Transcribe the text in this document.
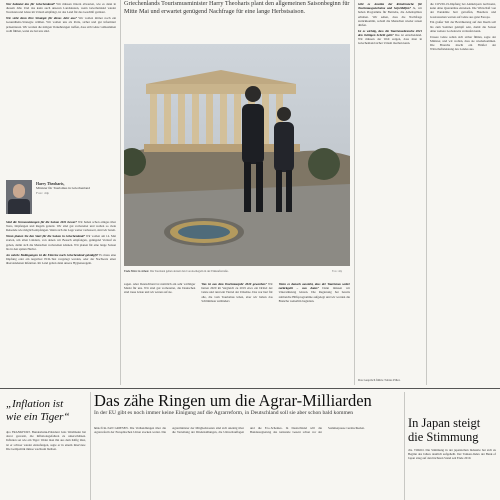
Griechenlands Tourismusminister Harry Theoharis plant den allgemeinen Saisonbeginn für Mitte Mai und erwartet genügend Nachfrage für eine lange Herbstsaison.
Ende März in Athen: Die Touristen gehen derzeit den Corona-Regeln in der Einkaufsstraße.	Foto: ddp

War bedeutet das für Griechenland? Wir müssen Ostern abwarten, wie es dann in diesem Jahr. Und das kann auch unseren Landsleuten, wenn Griechenland wieder Touristen und Gäste im Urlaub empfängt, ist das Land für das Geschäft gerüstet.

Wie sieht denn Ihre Strategie für dieses Jahr aus? Wir wollen immer noch ein Gesundheits-Strategie wählen. Wir wollen uns als Perle, sicher und gut informiert präsentieren. Wir werden die nötigen Vorkehrungen treffen, dass sich Gäste vollkommen wohl fühlen, wenn sie bei uns sind.

Harry Theoharis,
Minister für Tourismus in Griechenland
Foto: ddp

Sind die Voraussetzungen für die Saison 2021 besser? Wir haben schon einiges über Tests, Impfungen und Regeln gelernt. Wir sind gut vorbereitet und wollen so viele Reisende wie möglich empfangen. Wenn sich die Lage weiter verbessert, sind wir bereit.

Wann planen Sie den Start für die Saison in Griechenland? Wir wollen am 14. Mai starten, um allen Ländern, von denen wir Besuch empfangen, genügend Vorlauf zu geben, damit sich die Menschen vorbereiten können. Wir planen für eine lange Saison bis in den späten Herbst.

An welche Bedingungen ist die Einreise nach Griechenland geknüpft? Es muss eine Impfung oder ein negativer PCR-Test vorgelegt werden, oder der Nachweis einer überstandenen Infektion. Im Land gelten dann unsere Hygieneregeln.

sagen. Aber Deutschland ist natürlich ein sehr wichtiger Markt für uns. Wir sind gut vorbereitet, die Deutschen sind treue Gäste und wir setzen auf sie.

Was ist aus dem Tourismusjahr 2020 geworden? Wir hatten 2020 im Vergleich zu 2019 etwa ein Drittel der Gäste und rund ein Viertel der Umsätze. Das war hart für alle, die vom Tourismus leben, aber wir haben das Schlimmste verhindert.

Wenn es danach aussieht, dass der Tourismus weiter zurückgeht – was dann? Dann müssen wir Unterstützung leisten. Die Regierung hat bereits zahlreiche Hilfsprogramme aufgelegt und wir werden die Branche weiterhin begleiten.

Gibt es Ansätze der Reisebranche für Tourismusgutscheine und Soforthilfen? Ja, wir haben Programme für Betriebe, die Arbeitsplätze erhalten. Wir sehen, dass die Nachfrage zurückkommt, sobald die Menschen wieder reisen dürfen.

Ist es wichtig, dass die Tourismusbranche 2021 den richtigen Schritt geht? Das ist entscheidend. Wir müssen der Welt zeigen, dass man in Griechenland sicher Urlaub machen kann.

Das Gespräch führte Tobias Piller.

die COVID-19-Impfung bei Antikörpern nachweist, kann ohne Quarantäne einreisen. Die Wirtschaft von der Pandemie hart getroffen, Hoteliers und Gastronomen warten auf Gäste aus ganz Europa.

Ein großer Teil der Bevölkerung auf den Inseln soll bis zum Sommer geimpft sein, damit die Saison ohne weitere Lockdowns verlaufen kann.

Unsere Gäste sollen sich sicher fühlen, sagte der Minister, und wir wollen, dass sie wiederkommen. Die Branche macht ein Fünftel der Wirtschaftsleistung des Landes aus.

„Inflation ist wie ein Tiger“
dpa FRANKFURT. Bundesbank-Präsident Jens Weidmann hat davor gewarnt, die Inflationsgefahren zu unterschätzen. Inflation sei wie ein Tiger: Wenn man ihn aus dem Käfig lässt, ist er schwer wieder einzufangen, sagte er in einem Interview. Die Geldpolitik müsse wachsam bleiben.
Das zähe Ringen um die Agrar-Milliarden
In der EU gibt es noch immer keine Einigung auf die Agrarreform, in Deutschland soll sie aber schon bald kommen
hmk./fvm./JAN GRIESEN. Die Verhandlungen über die Agrarreform der Europäischen Union stocken weiter. Die Agrarminister der Mitgliedstaaten sind sich uneinig über die Verteilung der Direktzahlungen, die Umweltauflagen und die Eco-Schemes. In Deutschland will die Bundesregierung das nationale Gesetz schon vor der Sommerpause verabschieden.	In Japan steigt die Stimmung
chs. TOKIO. Die Stimmung in der japanischen Industrie hat sich zu Beginn des Jahres deutlich aufgehellt. Der Tankan-Index der Bank of Japan stieg auf den höchsten Stand seit Ende 2019.
